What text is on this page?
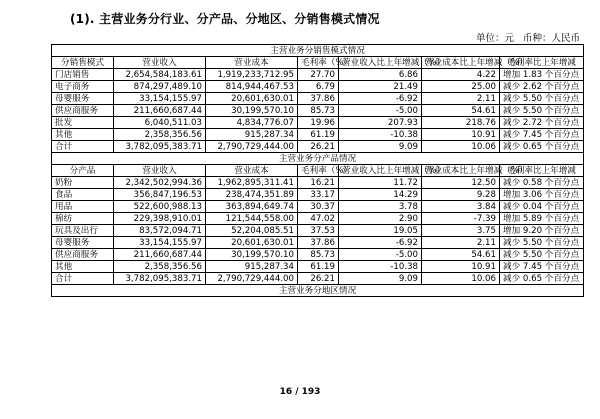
(1). 主营业务分行业、分产品、分地区、分销售模式情况
单位：元 币种：人民币
主营业务分销售模式情况						
分销售模式	营业收入	营业成本	毛利率（%）	营业收入比上年增减（%）	营业成本比上年增减（%）	毛利率比上年增减
门店销售	2,654,584,183.61	1,919,233,712.95	27.70	6.86	4.22	增加 1.83 个百分点
电子商务	874,297,489.10	814,944,467.53	6.79	21.49	25.00	减少 2.62 个百分点
母婴服务	33,154,155.97	20,601,630.01	37.86	-6.92	2.11	减少 5.50 个百分点
供应商服务	211,660,687.44	30,199,570.10	85.73	-5.00	54.61	减少 5.50 个百分点
批发	6,040,511.03	4,834,776.07	19.96	207.93	218.76	减少 2.72 个百分点
其他	2,358,356.56	915,287.34	61.19	-10.38	10.91	减少 7.45 个百分点
合计	3,782,095,383.71	2,790,729,444.00	26.21	9.09	10.06	减少 0.65 个百分点
主营业务分产品情况						
分产品	营业收入	营业成本	毛利率（%）	营业收入比上年增减（%）	营业成本比上年增减（%）	毛利率比上年增减
奶粉	2,342,502,994.36	1,962,895,311.41	16.21	11.72	12.50	减少 0.58 个百分点
食品	356,847,196.53	238,474,351.89	33.17	14.29	9.28	增加 3.06 个百分点
用品	522,600,988.13	363,894,649.74	30.37	3.78	3.84	减少 0.04 个百分点
棉纺	229,398,910.01	121,544,558.00	47.02	2.90	-7.39	增加 5.89 个百分点
玩具及出行	83,572,094.71	52,204,085.51	37.53	19.05	3.75	增加 9.20 个百分点
母婴服务	33,154,155.97	20,601,630.01	37.86	-6.92	2.11	减少 5.50 个百分点
供应商服务	211,660,687.44	30,199,570.10	85.73	-5.00	54.61	减少 5.50 个百分点
其他	2,358,356.56	915,287.34	61.19	-10.38	10.91	减少 7.45 个百分点
合计	3,782,095,383.71	2,790,729,444.00	26.21	9.09	10.06	减少 0.65 个百分点
主营业务分地区情况						
16 / 193
